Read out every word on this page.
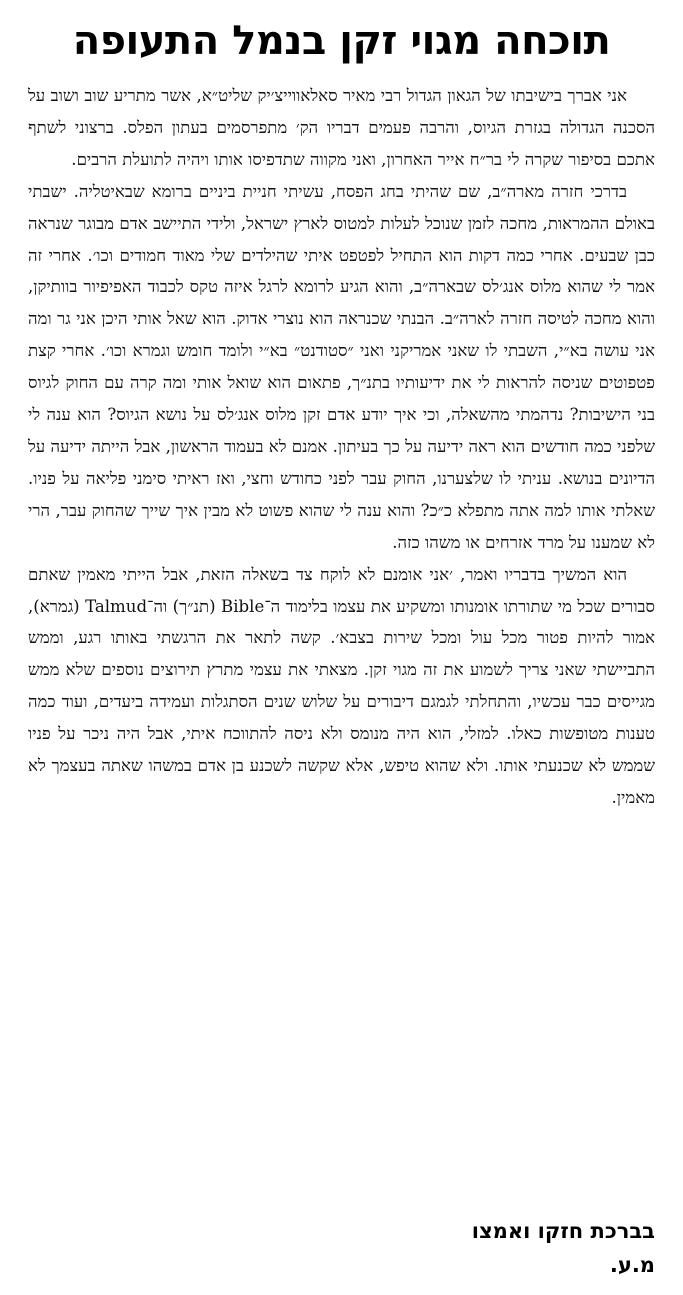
תוכחה מגוי זקן בנמל התעופה

אני אברך בישיבתו של הגאון הגדול רבי מאיר סאלאווייצ׳יק שליט״א, אשר מתריע שוב ושוב על הסכנה הגדולה בגזרת הגיוס, והרבה פעמים דבריו הק׳ מתפרסמים בעתון הפלס. ברצוני לשתף אתכם בסיפור שקרה לי בר״ח אייר האחרון, ואני מקווה שתדפיסו אותו ויהיה לתועלת הרבים.

בדרכי חזרה מארה״ב, שם שהיתי בחג הפסח, עשיתי חניית ביניים ברומא שבאיטליה. ישבתי באולם ההמראות, מחכה לזמן שנוכל לעלות למטוס לארץ ישראל, ולידי התיישב אדם מבוגר שנראה כבן שבעים. אחרי כמה דקות הוא התחיל לפטפט איתי שהילדים שלי מאוד חמודים וכו׳. אחרי זה אמר לי שהוא מלוס אנג׳לס שבארה״ב, והוא הגיע לרומא לרגל איזה טקס לכבוד האפיפיור בוותיקן, והוא מחכה לטיסה חזרה לארה״ב. הבנתי שכנראה הוא נוצרי אדוק. הוא שאל אותי היכן אני גר ומה אני עושה בא״י, השבתי לו שאני אמריקני ואני ״סטודנט״ בא״י ולומד חומש וגמרא וכו׳. אחרי קצת פטפוטים שניסה להראות לי את ידיעותיו בתנ״ך, פתאום הוא שואל אותי ומה קרה עם החוק לגיוס בני הישיבות? נדהמתי מהשאלה, וכי איך יודע אדם זקן מלוס אנג׳לס על נושא הגיוס? הוא ענה לי שלפני כמה חודשים הוא ראה ידיעה על כך בעיתון. אמנם לא בעמוד הראשון, אבל הייתה ידיעה על הדיונים בנושא. עניתי לו שלצערנו, החוק עבר לפני כחודש וחצי, ואז ראיתי סימני פליאה על פניו. שאלתי אותו למה אתה מתפלא כ״כ? והוא ענה לי שהוא פשוט לא מבין איך שייך שהחוק עבר, הרי לא שמענו על מרד אזרחים או משהו כזה.

הוא המשיך בדבריו ואמר, ׳אני אומנם לא לוקח צד בשאלה הזאת, אבל הייתי מאמין שאתם סבורים שכל מי שתורתו אומנותו ומשקיע את עצמו בלימוד ה־Bible (תנ״ך) וה־Talmud (גמרא), אמור להיות פטור מכל עול ומכל שירות בצבא׳. קשה לתאר את הרגשתי באותו רגע, וממש התביישתי שאני צריך לשמוע את זה מגוי זקן. מצאתי את עצמי מתרץ תירוצים נוספים שלא ממש מגייסים כבר עכשיו, והתחלתי לגמגם דיבורים על שלוש שנים הסתגלות ועמידה ביעדים, ועוד כמה טענות מטופשות כאלו. למזלי, הוא היה מנומס ולא ניסה להתווכח איתי, אבל היה ניכר על פניו שממש לא שכנעתי אותו. ולא שהוא טיפש, אלא שקשה לשכנע בן אדם במשהו שאתה בעצמך לא מאמין.

בברכת חזקו ואמצו
מ.ע.
